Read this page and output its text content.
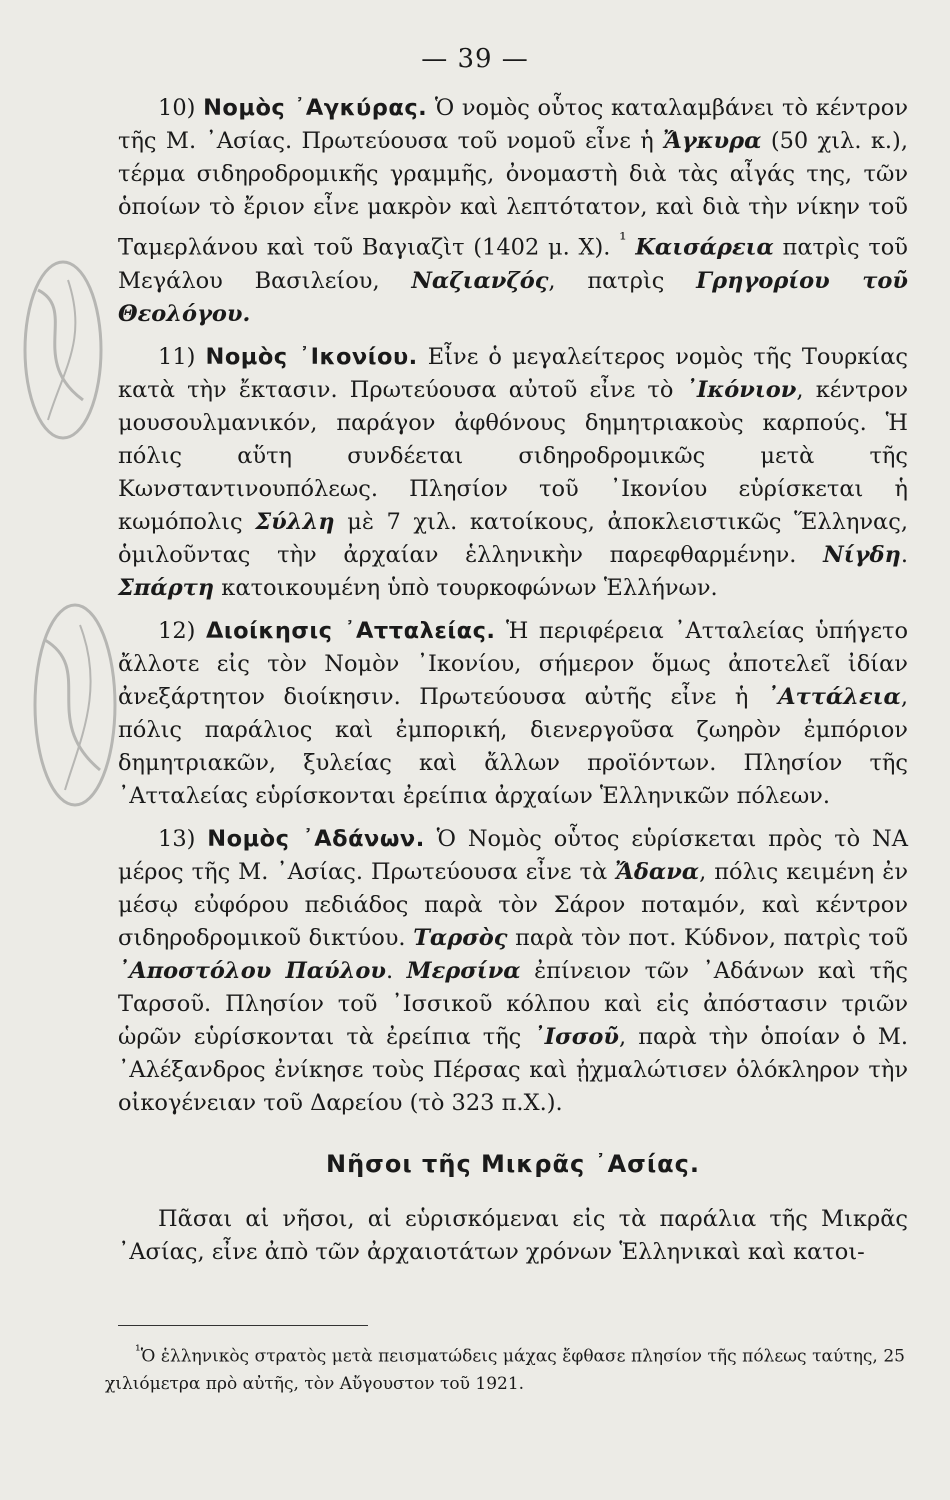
— 39 —

10) Νομὸς ᾿Αγκύρας. Ὁ νομὸς οὗτος καταλαμβάνει τὸ κέντρον τῆς Μ. ᾿Ασίας. Πρωτεύουσα τοῦ νομοῦ εἶνε ἡ Ἄγκυρα (50 χιλ. κ.), τέρμα σιδηροδρομικῆς γραμμῆς, ὀνομαστὴ διὰ τὰς αἶγάς της, τῶν ὁποίων τὸ ἔριον εἶνε μακρὸν καὶ λεπτότατον, καὶ διὰ τὴν νίκην τοῦ Ταμερλάνου καὶ τοῦ Βαγιαζὶτ (1402 μ. Χ). $^{^1}$ Καισάρεια πατρὶς τοῦ Μεγάλου Βασιλείου, Ναζιανζός, πατρὶς Γρηγορίου τοῦ Θεολόγου.

11) Νομὸς ᾿Ικονίου. Εἶνε ὁ μεγαλείτερος νομὸς τῆς Τουρκίας κατὰ τὴν ἔκτασιν. Πρωτεύουσα αὐτοῦ εἶνε τὸ ᾿Ικόνιον, κέντρον μουσουλμανικόν, παράγον ἀφθόνους δημητριακοὺς καρπούς. Ἡ πόλις αὕτη συνδέεται σιδηροδρομικῶς μετὰ τῆς Κωνσταντινουπόλεως. Πλησίον τοῦ ᾿Ικονίου εὑρίσκεται ἡ κωμόπολις Σύλλη μὲ 7 χιλ. κατοίκους, ἀποκλειστικῶς Ἕλληνας, ὁμιλοῦντας τὴν ἀρχαίαν ἑλληνικὴν παρεφθαρμένην. Νίγδη. Σπάρτη κατοικουμένη ὑπὸ τουρκοφώνων Ἑλλήνων.

12) Διοίκησις ᾿Ατταλείας. Ἡ περιφέρεια ᾿Ατταλείας ὑπήγετο ἄλλοτε εἰς τὸν Νομὸν ᾿Ικονίου, σήμερον ὅμως ἀποτελεῖ ἰδίαν ἀνεξάρτητον διοίκησιν. Πρωτεύουσα αὐτῆς εἶνε ἡ ᾿Αττάλεια, πόλις παράλιος καὶ ἐμπορική, διενεργοῦσα ζωηρὸν ἐμπόριον δημητριακῶν, ξυλείας καὶ ἄλλων προϊόντων. Πλησίον τῆς ᾿Ατταλείας εὑρίσκονται ἐρείπια ἀρχαίων Ἑλληνικῶν πόλεων.

13) Νομὸς ᾿Αδάνων. Ὁ Νομὸς οὗτος εὑρίσκεται πρὸς τὸ ΝΑ μέρος τῆς Μ. ᾿Ασίας. Πρωτεύουσα εἶνε τὰ Ἄδανα, πόλις κειμένη ἐν μέσῳ εὐφόρου πεδιάδος παρὰ τὸν Σάρον ποταμόν, καὶ κέντρον σιδηροδρομικοῦ δικτύου. Ταρσὸς παρὰ τὸν ποτ. Κύδνον, πατρὶς τοῦ ᾿Αποστόλου Παύλου. Μερσίνα ἐπίνειον τῶν ᾿Αδάνων καὶ τῆς Ταρσοῦ. Πλησίον τοῦ ᾿Ισσικοῦ κόλπου καὶ εἰς ἀπόστασιν τριῶν ὡρῶν εὑρίσκονται τὰ ἐρείπια τῆς ᾿Ισσοῦ, παρὰ τὴν ὁποίαν ὁ Μ. ᾿Αλέξανδρος ἐνίκησε τοὺς Πέρσας καὶ ᾐχμαλώτισεν ὁλόκληρον τὴν οἰκογένειαν τοῦ Δαρείου (τὸ 323 π.Χ.).

Νῆσοι τῆς Μικρᾶς ᾿Ασίας.

Πᾶσαι αἱ νῆσοι, αἱ εὑρισκόμεναι εἰς τὰ παράλια τῆς Μικρᾶς ᾿Ασίας, εἶνε ἀπὸ τῶν ἀρχαιοτάτων χρόνων Ἑλληνικαὶ καὶ κατοι-

$^{^1}$Ὁ ἑλληνικὸς στρατὸς μετὰ πεισματώδεις μάχας ἔφθασε πλησίον τῆς πόλεως ταύτης, 25 χιλιόμετρα πρὸ αὐτῆς, τὸν Αὔγουστον τοῦ 1921.
